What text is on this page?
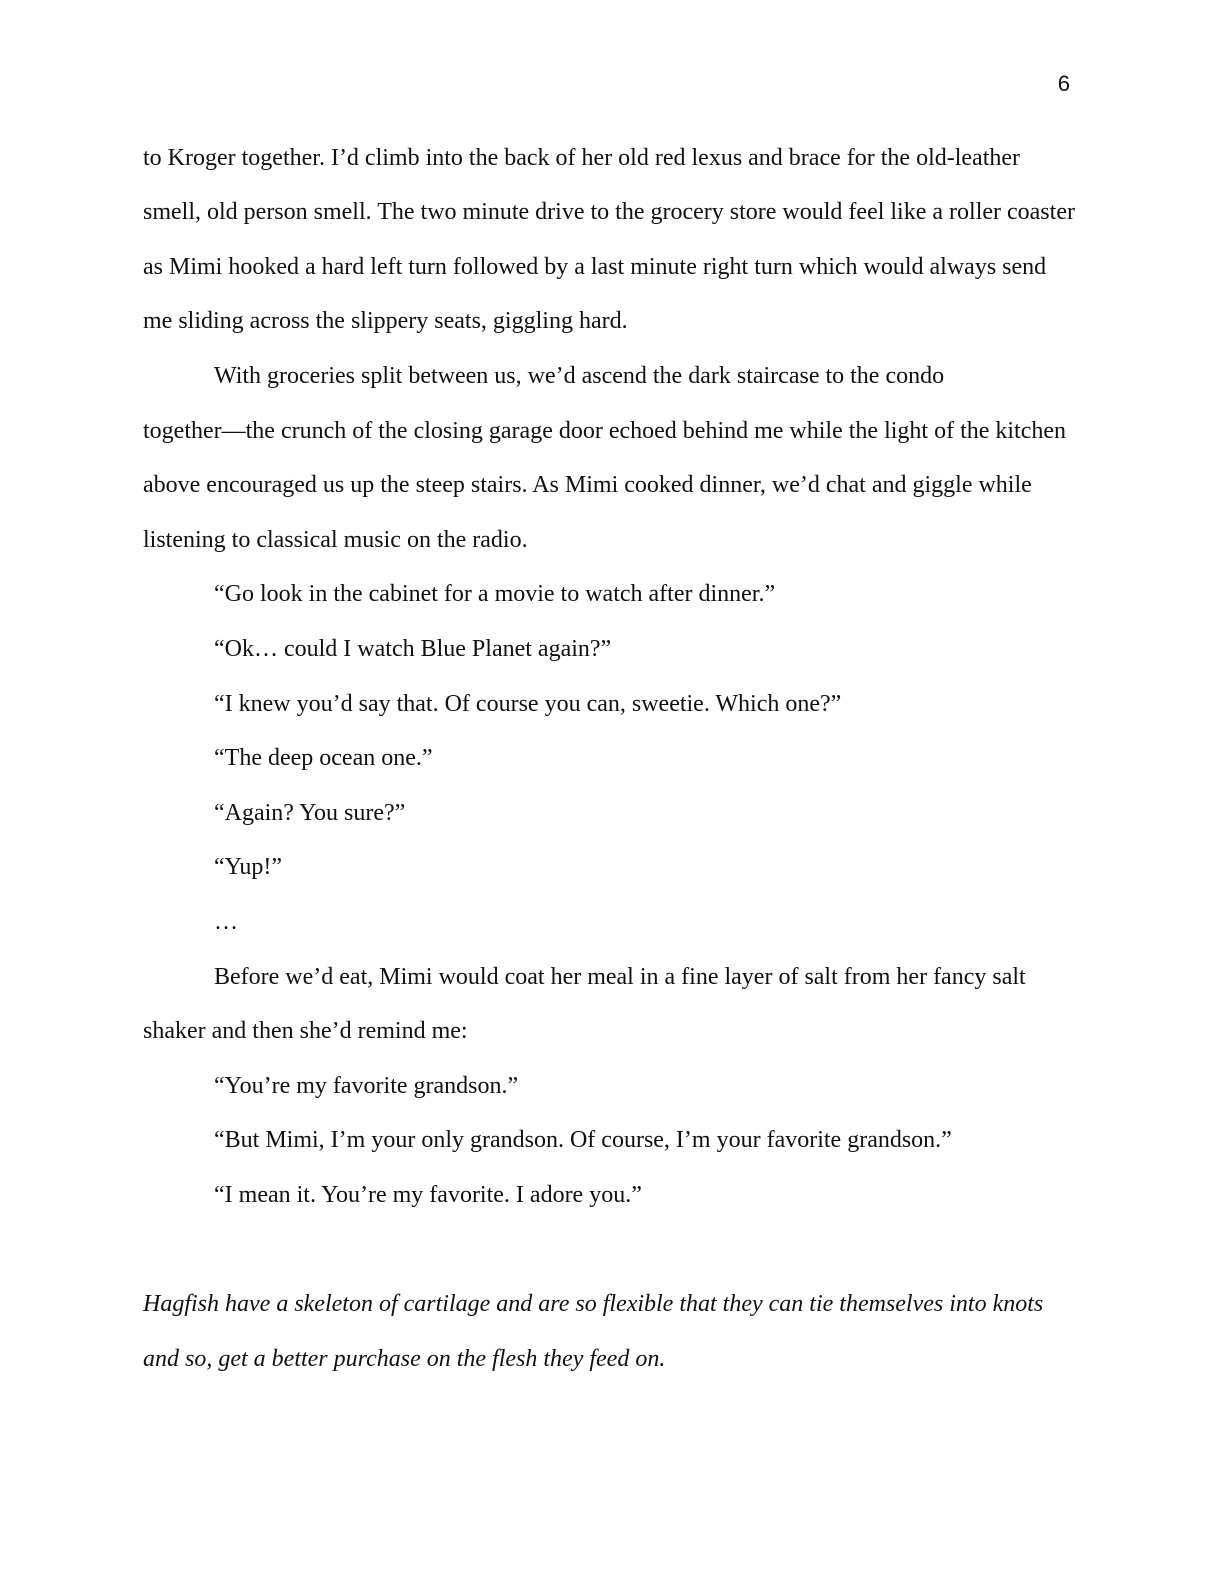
6
to Kroger together. I’d climb into the back of her old red lexus and brace for the old-leather
smell, old person smell. The two minute drive to the grocery store would feel like a roller coaster
as Mimi hooked a hard left turn followed by a last minute right turn which would always send
me sliding across the slippery seats, giggling hard.
With groceries split between us, we’d ascend the dark staircase to the condo
together—the crunch of the closing garage door echoed behind me while the light of the kitchen
above encouraged us up the steep stairs. As Mimi cooked dinner, we’d chat and giggle while
listening to classical music on the radio.
“Go look in the cabinet for a movie to watch after dinner.”
“Ok… could I watch Blue Planet again?”
“I knew you’d say that. Of course you can, sweetie. Which one?”
“The deep ocean one.”
“Again? You sure?”
“Yup!”
…
Before we’d eat, Mimi would coat her meal in a fine layer of salt from her fancy salt
shaker and then she’d remind me:
“You’re my favorite grandson.”
“But Mimi, I’m your only grandson. Of course, I’m your favorite grandson.”
“I mean it. You’re my favorite. I adore you.”
Hagfish have a skeleton of cartilage and are so flexible that they can tie themselves into knots
and so, get a better purchase on the flesh they feed on.
